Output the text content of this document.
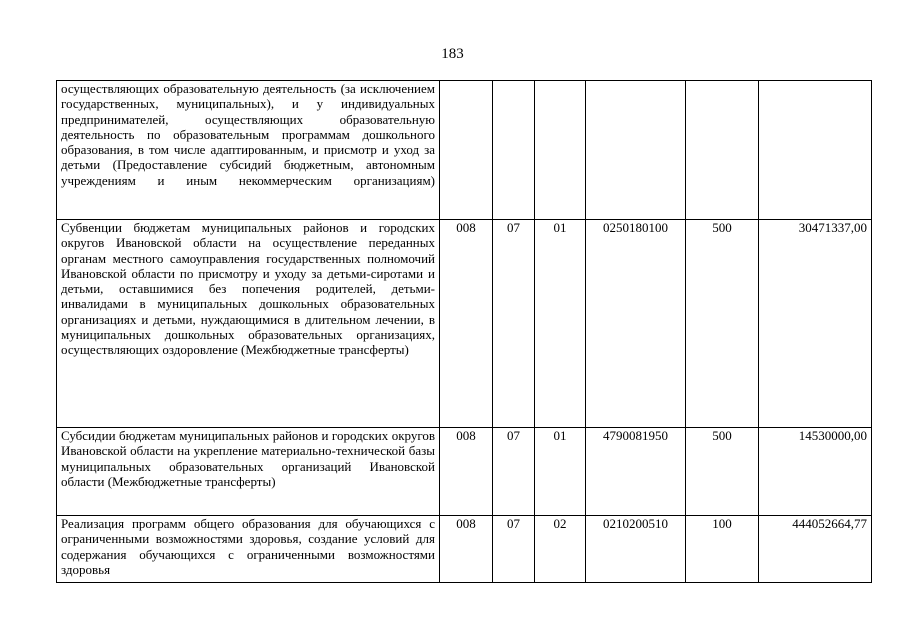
183
осуществляющих образовательную деятельность (за исключением государственных, муниципальных), и у индивидуальных предпринимателей, осуществляющих образовательную деятельность по образовательным программам дошкольного образования, в том числе адаптированным, и присмотр и уход за детьми (Предоставление субсидий бюджетным, автономным учреждениям и иным некоммерческим организациям)						
Субвенции бюджетам муниципальных районов и городских округов Ивановской области на осуществление переданных органам местного самоуправления государственных полномочий Ивановской области по присмотру и уходу за детьми-сиротами и детьми, оставшимися без попечения родителей, детьми-инвалидами в муниципальных дошкольных образовательных организациях и детьми, нуждающимися в длительном лечении, в муниципальных дошкольных образовательных организациях, осуществляющих оздоровление (Межбюджетные трансферты)	008	07	01	0250180100	500	30471337,00
Субсидии бюджетам муниципальных районов и городских округов Ивановской области на укрепление материально-технической базы муниципальных образовательных организаций Ивановской области (Межбюджетные трансферты)	008	07	01	4790081950	500	14530000,00
Реализация программ общего образования для обучающихся с ограниченными возможностями здоровья, создание условий для содержания обучающихся с ограниченными возможностями здоровья	008	07	02	0210200510	100	444052664,77
